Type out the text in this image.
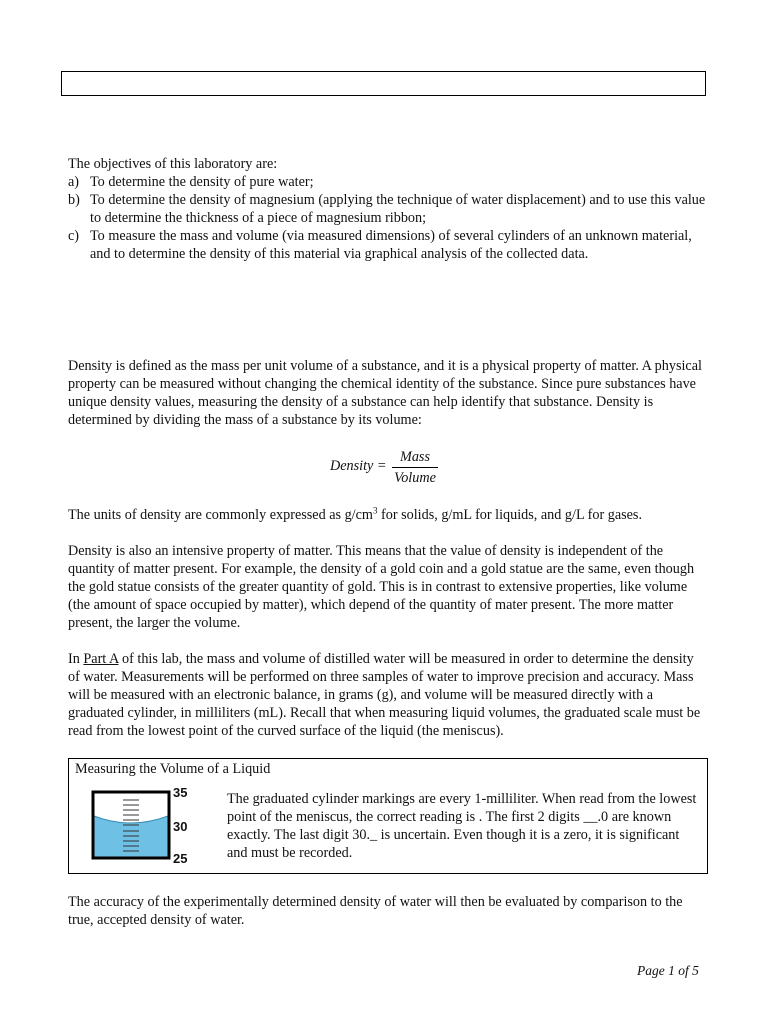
The objectives of this laboratory are:

a) To determine the density of pure water;
b) To determine the density of magnesium (applying the technique of water displacement) and to use this value to determine the thickness of a piece of magnesium ribbon;
c) To measure the mass and volume (via measured dimensions) of several cylinders of an unknown material, and to determine the density of this material via graphical analysis of the collected data.

Density is defined as the mass per unit volume of a substance, and it is a physical property of matter. A physical property can be measured without changing the chemical identity of the substance. Since pure substances have unique density values, measuring the density of a substance can help identify that substance. Density is determined by dividing the mass of a substance by its volume:

Density =
Mass
Volume

The units of density are commonly expressed as $g/cm^3$ for solids, g/mL for liquids, and g/L for gases.

Density is also an intensive property of matter. This means that the value of density is independent of the quantity of matter present. For example, the density of a gold coin and a gold statue are the same, even though the gold statue consists of the greater quantity of gold. This is in contrast to extensive properties, like volume (the amount of space occupied by matter), which depend of the quantity of mater present. The more matter present, the larger the volume.

In Part A of this lab, the mass and volume of distilled water will be measured in order to determine the density of water. Measurements will be performed on three samples of water to improve precision and accuracy. Mass will be measured with an electronic balance, in grams (g), and volume will be measured directly with a graduated cylinder, in milliliters (mL). Recall that when measuring liquid volumes, the graduated scale must be read from the lowest point of the curved surface of the liquid (the meniscus).

Measuring the Volume of a Liquid
35
30
25
The graduated cylinder markings are every 1-milliliter. When read from the lowest point of the meniscus, the correct reading is . The first 2 digits __.0 are known exactly. The last digit 30._ is uncertain. Even though it is a zero, it is significant and must be recorded.

The accuracy of the experimentally determined density of water will then be evaluated by comparison to the true, accepted density of water.

Page 1 of 5
